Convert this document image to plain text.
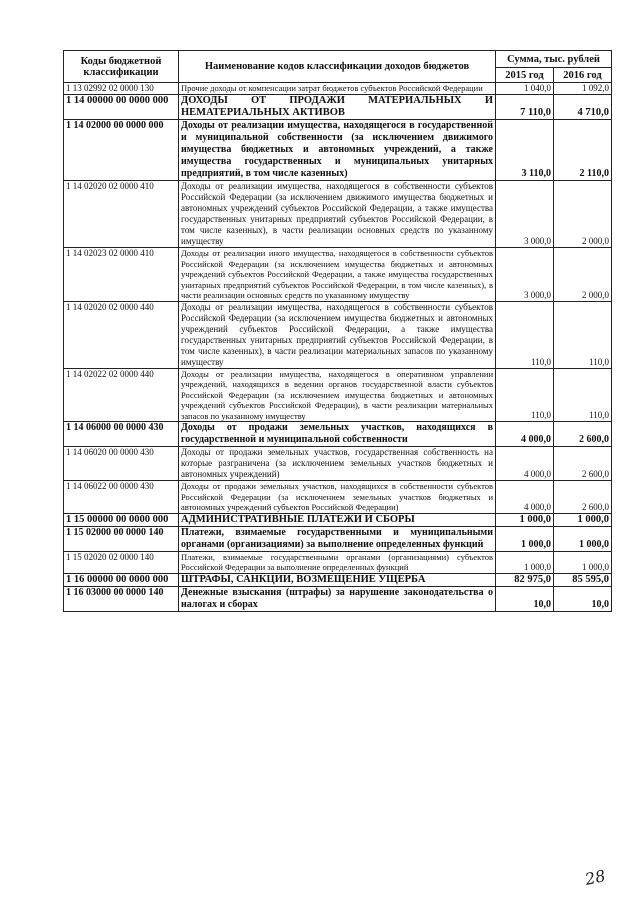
Коды бюджетной классификации	Наименование кодов классификации доходов бюджетов	Сумма, тыс. рублей	
		2015 год	2016 год
1 13 02992 02 0000 130	Прочие доходы от компенсации затрат бюджетов субъектов Российской Федерации	1 040,0	1 092,0
1 14 00000 00 0000 000	ДОХОДЫ ОТ ПРОДАЖИ МАТЕРИАЛЬНЫХ И НЕМАТЕРИАЛЬНЫХ АКТИВОВ	7 110,0	4 710,0
1 14 02000 00 0000 000	Доходы от реализации имущества, находящегося в государственной и муниципальной собственности (за исключением движимого имущества бюджетных и автономных учреждений, а также имущества государственных и муниципальных унитарных предприятий, в том числе казенных)	3 110,0	2 110,0
1 14 02020 02 0000 410	Доходы от реализации имущества, находящегося в собственности субъектов Российской Федерации (за исключением движимого имущества бюджетных и автономных учреждений субъектов Российской Федерации, а также имущества государственных унитарных предприятий субъектов Российской Федерации, в том числе казенных), в части реализации основных средств по указанному имуществу	3 000,0	2 000,0
1 14 02023 02 0000 410	Доходы от реализации иного имущества, находящегося в собственности субъектов Российской Федерации (за исключением имущества бюджетных и автономных учреждений субъектов Российской Федерации, а также имущества государственных унитарных предприятий субъектов Российской Федерации, в том числе казенных), в части реализации основных средств по указанному имуществу	3 000,0	2 000,0
1 14 02020 02 0000 440	Доходы от реализации имущества, находящегося в собственности субъектов Российской Федерации (за исключением имущества бюджетных и автономных учреждений субъектов Российской Федерации, а также имущества государственных унитарных предприятий субъектов Российской Федерации, в том числе казенных), в части реализации материальных запасов по указанному имуществу	110,0	110,0
1 14 02022 02 0000 440	Доходы от реализации имущества, находящегося в оперативном управлении учреждений, находящихся в ведении органов государственной власти субъектов Российской Федерации (за исключением имущества бюджетных и автономных учреждений субъектов Российской Федерации), в части реализации материальных запасов по указанному имуществу	110,0	110,0
1 14 06000 00 0000 430	Доходы от продажи земельных участков, находящихся в государственной и муниципальной собственности	4 000,0	2 600,0
1 14 06020 00 0000 430	Доходы от продажи земельных участков, государственная собственность на которые разграничена (за исключением земельных участков бюджетных и автономных учреждений)	4 000,0	2 600,0
1 14 06022 00 0000 430	Доходы от продажи земельных участков, находящихся в собственности субъектов Российской Федерации (за исключением земельных участков бюджетных и автономных учреждений субъектов Российской Федерации)	4 000,0	2 600,0
1 15 00000 00 0000 000	АДМИНИСТРАТИВНЫЕ ПЛАТЕЖИ И СБОРЫ	1 000,0	1 000,0
1 15 02000 00 0000 140	Платежи, взимаемые государственными и муниципальными органами (организациями) за выполнение определенных функций	1 000,0	1 000,0
1 15 02020 02 0000 140	Платежи, взимаемые государственными органами (организациями) субъектов Российской Федерации за выполнение определенных функций	1 000,0	1 000,0
1 16 00000 00 0000 000	ШТРАФЫ, САНКЦИИ, ВОЗМЕЩЕНИЕ УЩЕРБА	82 975,0	85 595,0
1 16 03000 00 0000 140	Денежные взыскания (штрафы) за нарушение законодательства о налогах и сборах	10,0	10,0
28
